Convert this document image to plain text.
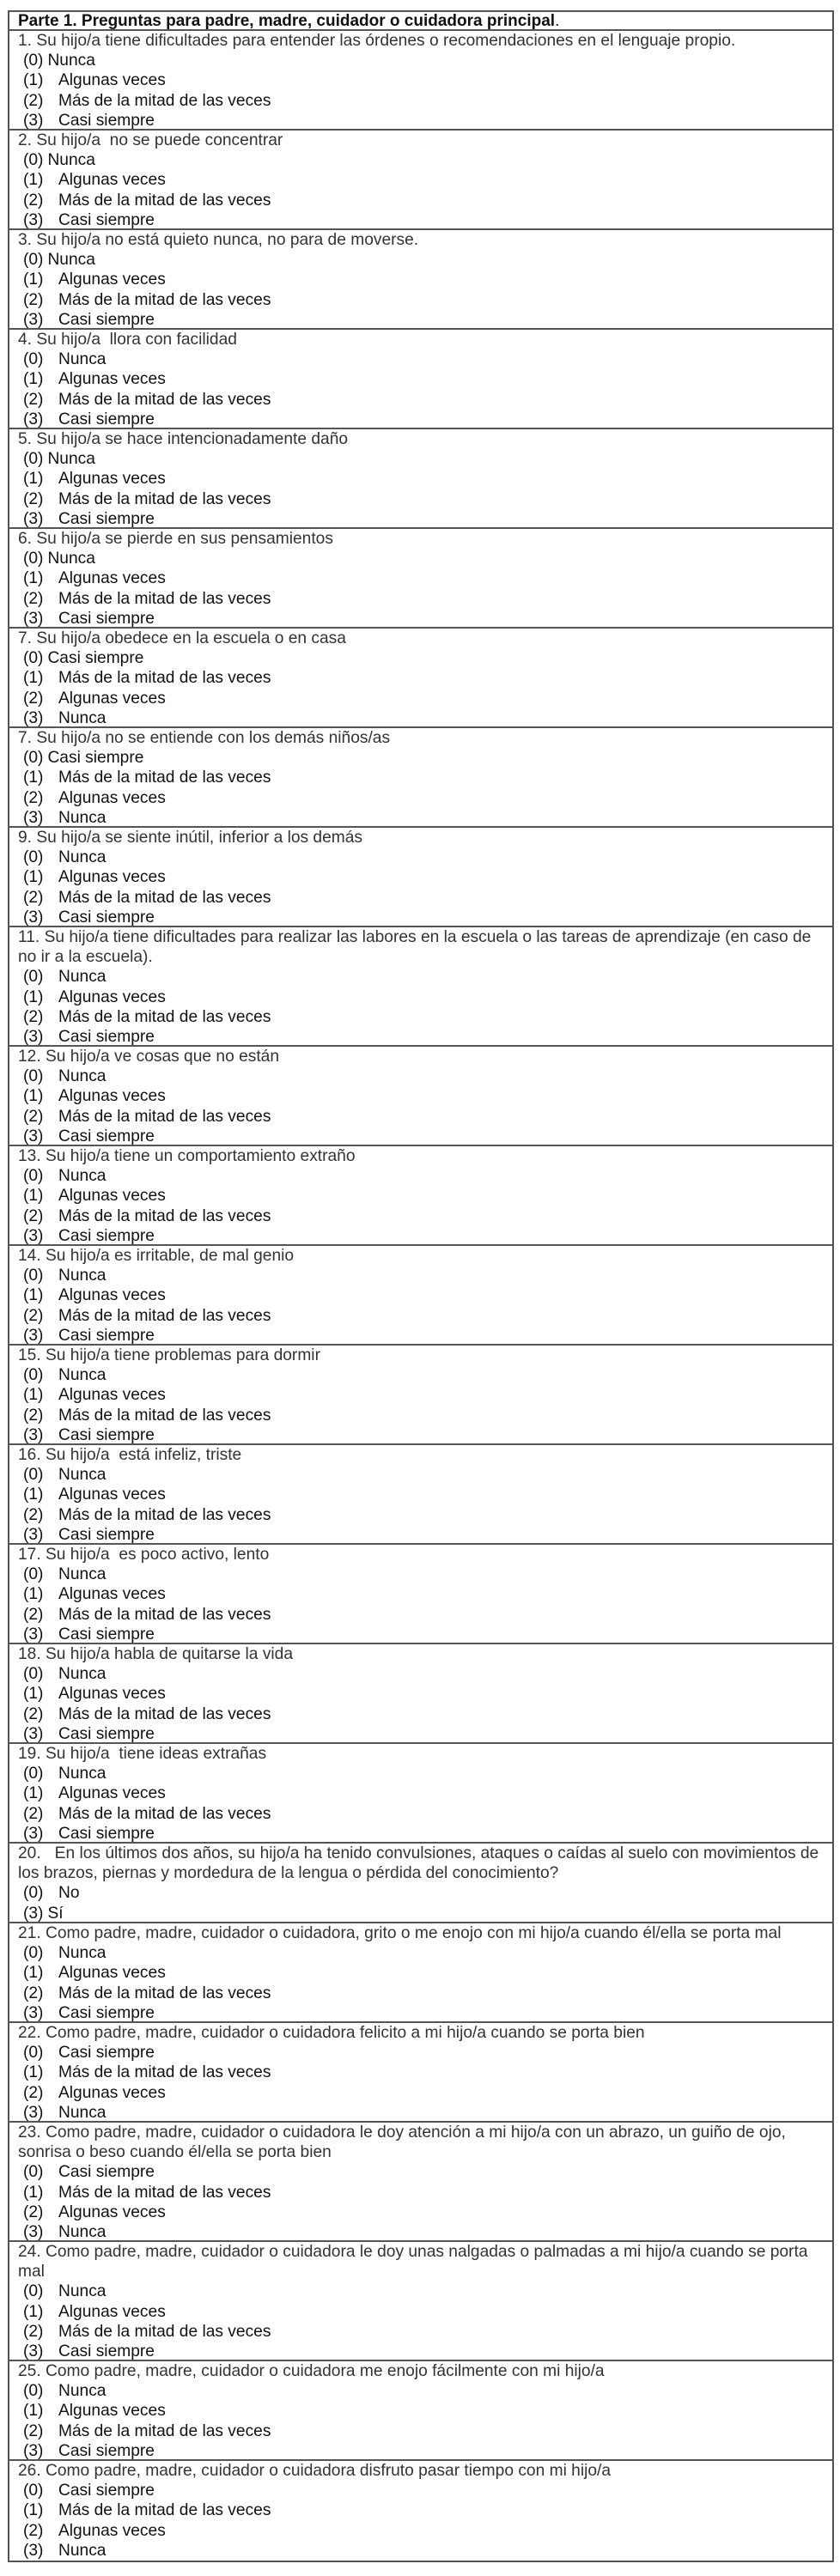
Parte 1. Preguntas para padre, madre, cuidador o cuidadora principal.

1. Su hijo/a tiene dificultades para entender las órdenes o recomendaciones en el lenguaje propio.

(0) Nunca
(1) Algunas veces
(2) Más de la mitad de las veces
(3) Casi siempre

2. Su hijo/a  no se puede concentrar

(0) Nunca
(1) Algunas veces
(2) Más de la mitad de las veces
(3) Casi siempre

3. Su hijo/a no está quieto nunca, no para de moverse.

(0) Nunca
(1) Algunas veces
(2) Más de la mitad de las veces
(3) Casi siempre

4. Su hijo/a  llora con facilidad

(0) Nunca
(1) Algunas veces
(2) Más de la mitad de las veces
(3) Casi siempre

5. Su hijo/a se hace intencionadamente daño

(0) Nunca
(1) Algunas veces
(2) Más de la mitad de las veces
(3) Casi siempre

6. Su hijo/a se pierde en sus pensamientos

(0) Nunca
(1) Algunas veces
(2) Más de la mitad de las veces
(3) Casi siempre

7. Su hijo/a obedece en la escuela o en casa

(0) Casi siempre
(1) Más de la mitad de las veces
(2) Algunas veces
(3) Nunca

7. Su hijo/a no se entiende con los demás niños/as

(0) Casi siempre
(1) Más de la mitad de las veces
(2) Algunas veces
(3) Nunca

9. Su hijo/a se siente inútil, inferior a los demás

(0) Nunca
(1) Algunas veces
(2) Más de la mitad de las veces
(3) Casi siempre

11. Su hijo/a tiene dificultades para realizar las labores en la escuela o las tareas de aprendizaje (en caso de no ir a la escuela).

(0) Nunca
(1) Algunas veces
(2) Más de la mitad de las veces
(3) Casi siempre

12. Su hijo/a ve cosas que no están

(0) Nunca
(1) Algunas veces
(2) Más de la mitad de las veces
(3) Casi siempre

13. Su hijo/a tiene un comportamiento extraño

(0) Nunca
(1) Algunas veces
(2) Más de la mitad de las veces
(3) Casi siempre

14. Su hijo/a es irritable, de mal genio

(0) Nunca
(1) Algunas veces
(2) Más de la mitad de las veces
(3) Casi siempre

15. Su hijo/a tiene problemas para dormir

(0) Nunca
(1) Algunas veces
(2) Más de la mitad de las veces
(3) Casi siempre

16. Su hijo/a  está infeliz, triste

(0) Nunca
(1) Algunas veces
(2) Más de la mitad de las veces
(3) Casi siempre

17. Su hijo/a  es poco activo, lento

(0) Nunca
(1) Algunas veces
(2) Más de la mitad de las veces
(3) Casi siempre

18. Su hijo/a habla de quitarse la vida

(0) Nunca
(1) Algunas veces
(2) Más de la mitad de las veces
(3) Casi siempre

19. Su hijo/a  tiene ideas extrañas

(0) Nunca
(1) Algunas veces
(2) Más de la mitad de las veces
(3) Casi siempre

20.   En los últimos dos años, su hijo/a ha tenido convulsiones, ataques o caídas al suelo con movimientos de los brazos, piernas y mordedura de la lengua o pérdida del conocimiento?

(0) No
(3) Sí

21. Como padre, madre, cuidador o cuidadora, grito o me enojo con mi hijo/a cuando él/ella se porta mal

(0) Nunca
(1) Algunas veces
(2) Más de la mitad de las veces
(3) Casi siempre

22. Como padre, madre, cuidador o cuidadora felicito a mi hijo/a cuando se porta bien

(0) Casi siempre
(1) Más de la mitad de las veces
(2) Algunas veces
(3) Nunca

23. Como padre, madre, cuidador o cuidadora le doy atención a mi hijo/a con un abrazo, un guiño de ojo, sonrisa o beso cuando él/ella se porta bien

(0) Casi siempre
(1) Más de la mitad de las veces
(2) Algunas veces
(3) Nunca

24. Como padre, madre, cuidador o cuidadora le doy unas nalgadas o palmadas a mi hijo/a cuando se porta mal

(0) Nunca
(1) Algunas veces
(2) Más de la mitad de las veces
(3) Casi siempre

25. Como padre, madre, cuidador o cuidadora me enojo fácilmente con mi hijo/a

(0) Nunca
(1) Algunas veces
(2) Más de la mitad de las veces
(3) Casi siempre

26. Como padre, madre, cuidador o cuidadora disfruto pasar tiempo con mi hijo/a

(0) Casi siempre
(1) Más de la mitad de las veces
(2) Algunas veces
(3) Nunca
